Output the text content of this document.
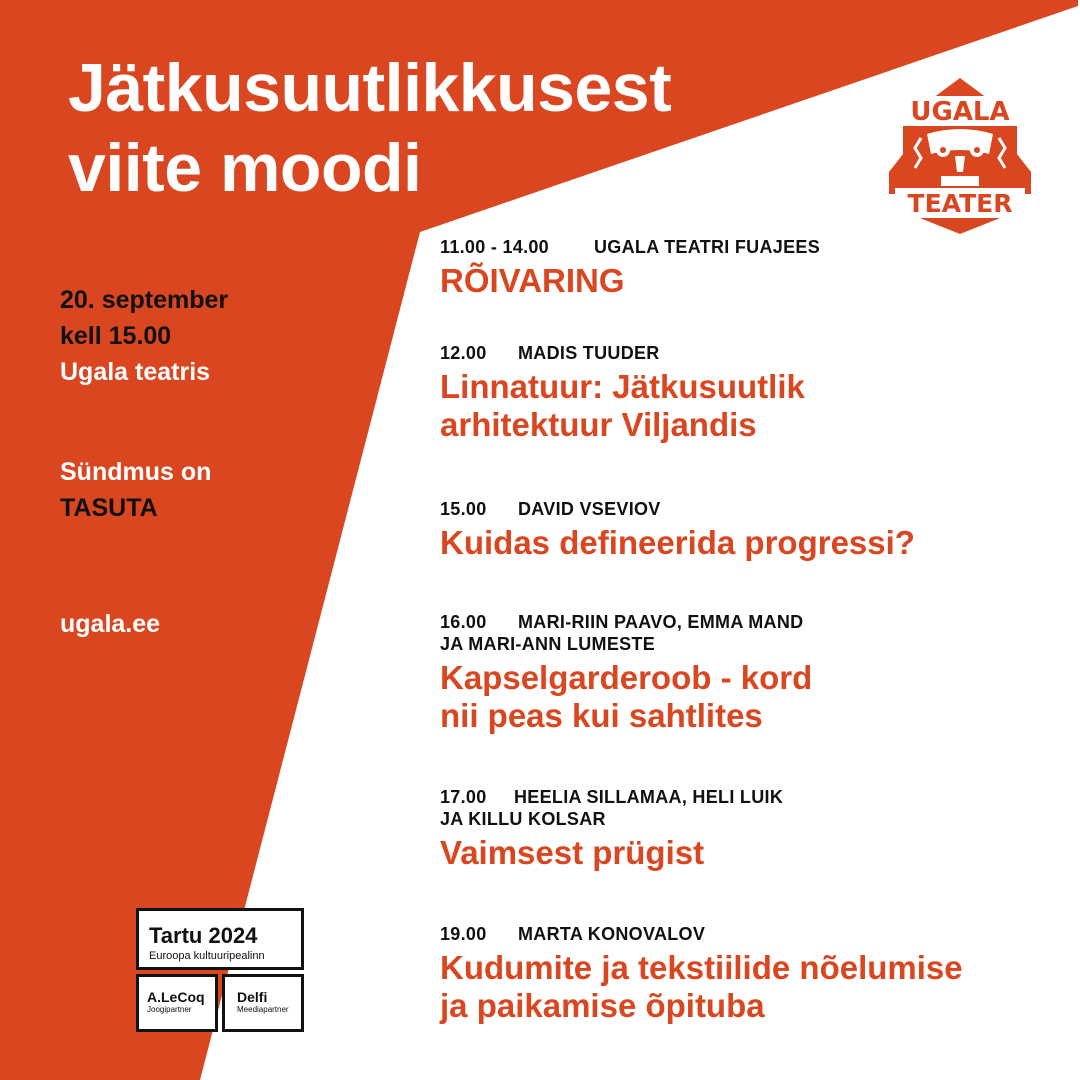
Jätkusuutlikkusest
viite moodi
20. september
kell 15.00
Ugala teatris
Sündmus on
TASUTA
ugala.ee
UGALA
TEATER
11.00 - 14.00	UGALA TEATRI FUAJEES
RÕIVARING
12.00 MADIS TUUDER
Linnatuur: Jätkusuutlik
arhitektuur Viljandis
15.00 DAVID VSEVIOV
Kuidas defineerida progressi?
16.00 MARI-RIIN PAAVO, EMMA MAND
JA MARI-ANN LUMESTE
Kapselgarderoob - kord
nii peas kui sahtlites
17.00 HEELIA SILLAMAA, HELI LUIK
JA KILLU KOLSAR
Vaimsest prügist
19.00 MARTA KONOVALOV
Kudumite ja tekstiilide nõelumise
ja paikamise õpituba
Tartu 2024
Euroopa kultuuripealinn
A.LeCoq
Joogipartner
Delfi
Meediapartner
